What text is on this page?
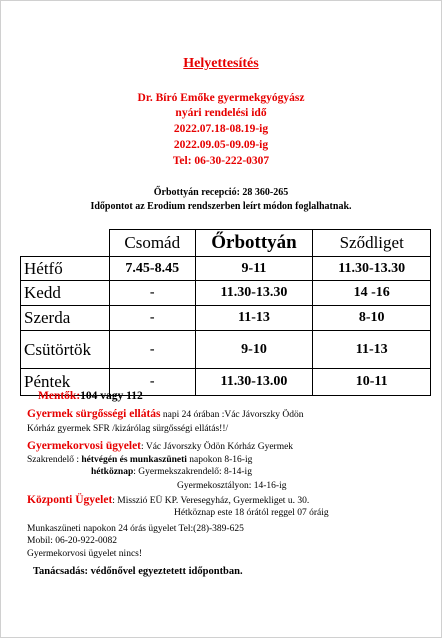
Helyettesítés
Dr. Bíró Emőke gyermekgyógyász
nyári rendelési idő
2022.07.18-08.19-ig
2022.09.05-09.09-ig
Tel: 06-30-222-0307
Őrbottyán recepció: 28 360-265
Időpontot az Erodium rendszerben leírt módon foglalhatnak.
	Csomád	Őrbottyán	Sződliget
Hétfő	7.45-8.45	9-11	11.30-13.30
Kedd	-	11.30-13.30	14 -16
Szerda	-	11-13	8-10
Csütörtök	-	9-10	11-13
Péntek	-	11.30-13.00	10-11
Mentők:104 vagy 112
Gyermek sürgősségi ellátás napi 24 órában :Vác Jávorszky Ödön
Kórház gyermek SFR /kizárólag sürgősségi ellátás!!/
Gyermekorvosi ügyelet: Vác Jávorszky Ödön Kórház Gyermek
Szakrendelő : hétvégén és munkaszüneti napokon 8-16-ig
hétköznap: Gyermekszakrendelő: 8-14-ig
Gyermekosztályon: 14-16-ig
Központi Ügyelet: Misszió EÜ KP. Veresegyház, Gyermekliget u. 30.
Hétköznap este 18 órától reggel 07 óráig
Munkaszüneti napokon 24 órás ügyelet Tel:(28)-389-625
Mobil: 06-20-922-0082
Gyermekorvosi ügyelet nincs!
Tanácsadás: védőnővel egyeztetett időpontban.
